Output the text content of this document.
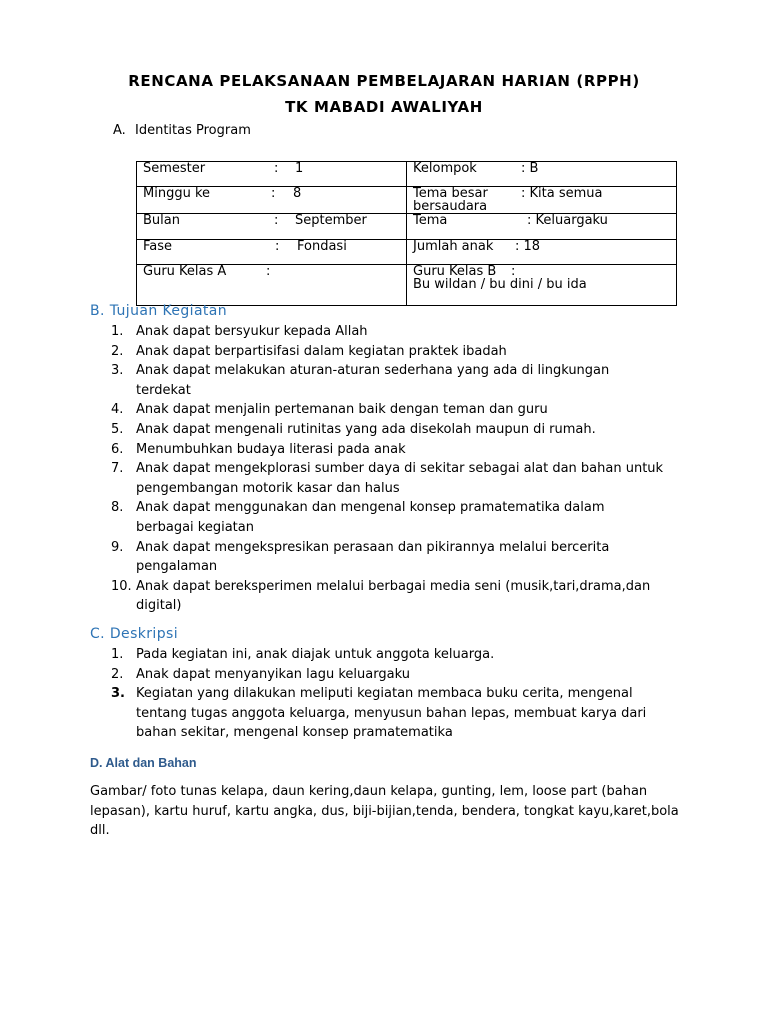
RENCANA PELAKSANAAN PEMBELAJARAN HARIAN (RPPH)
TK MABADI AWALIYAH
A. Identitas Program
Semester : 1	Kelompok : B
Minggu ke : 8	Tema besar : Kita semua
bersaudara

Bulan : September	Tema : Keluargaku
Fase : Fondasi	Jumlah anak : 18
Guru Kelas A :	Guru Kelas B :
Bu wildan / bu dini / bu ida
B. Tujuan Kegiatan
1. Anak dapat bersyukur kepada Allah
2. Anak dapat berpartisifasi dalam kegiatan praktek ibadah
3. Anak dapat melakukan aturan-aturan sederhana yang ada di lingkungan terdekat
4. Anak dapat menjalin pertemanan baik dengan teman dan guru
5. Anak dapat mengenali rutinitas yang ada disekolah maupun di rumah.
6. Menumbuhkan budaya literasi pada anak
7. Anak dapat mengekplorasi sumber daya di sekitar sebagai alat dan bahan untuk pengembangan motorik kasar dan halus
8. Anak dapat menggunakan dan mengenal konsep pramatematika dalam berbagai kegiatan
9. Anak dapat mengekspresikan perasaan dan pikirannya melalui bercerita pengalaman
10. Anak dapat bereksperimen melalui berbagai media seni (musik,tari,drama,dan digital)
C. Deskripsi
1. Pada kegiatan ini, anak diajak untuk anggota keluarga.
2. Anak dapat menyanyikan lagu keluargaku
3. Kegiatan yang dilakukan meliputi kegiatan membaca buku cerita, mengenal tentang tugas anggota keluarga, menyusun bahan lepas, membuat karya dari bahan sekitar, mengenal konsep pramatematika
D. Alat dan Bahan
Gambar/ foto tunas kelapa, daun kering,daun kelapa, gunting, lem, loose part (bahan lepasan), kartu huruf, kartu angka, dus, biji-bijian,tenda, bendera, tongkat kayu,karet,bola dll.
